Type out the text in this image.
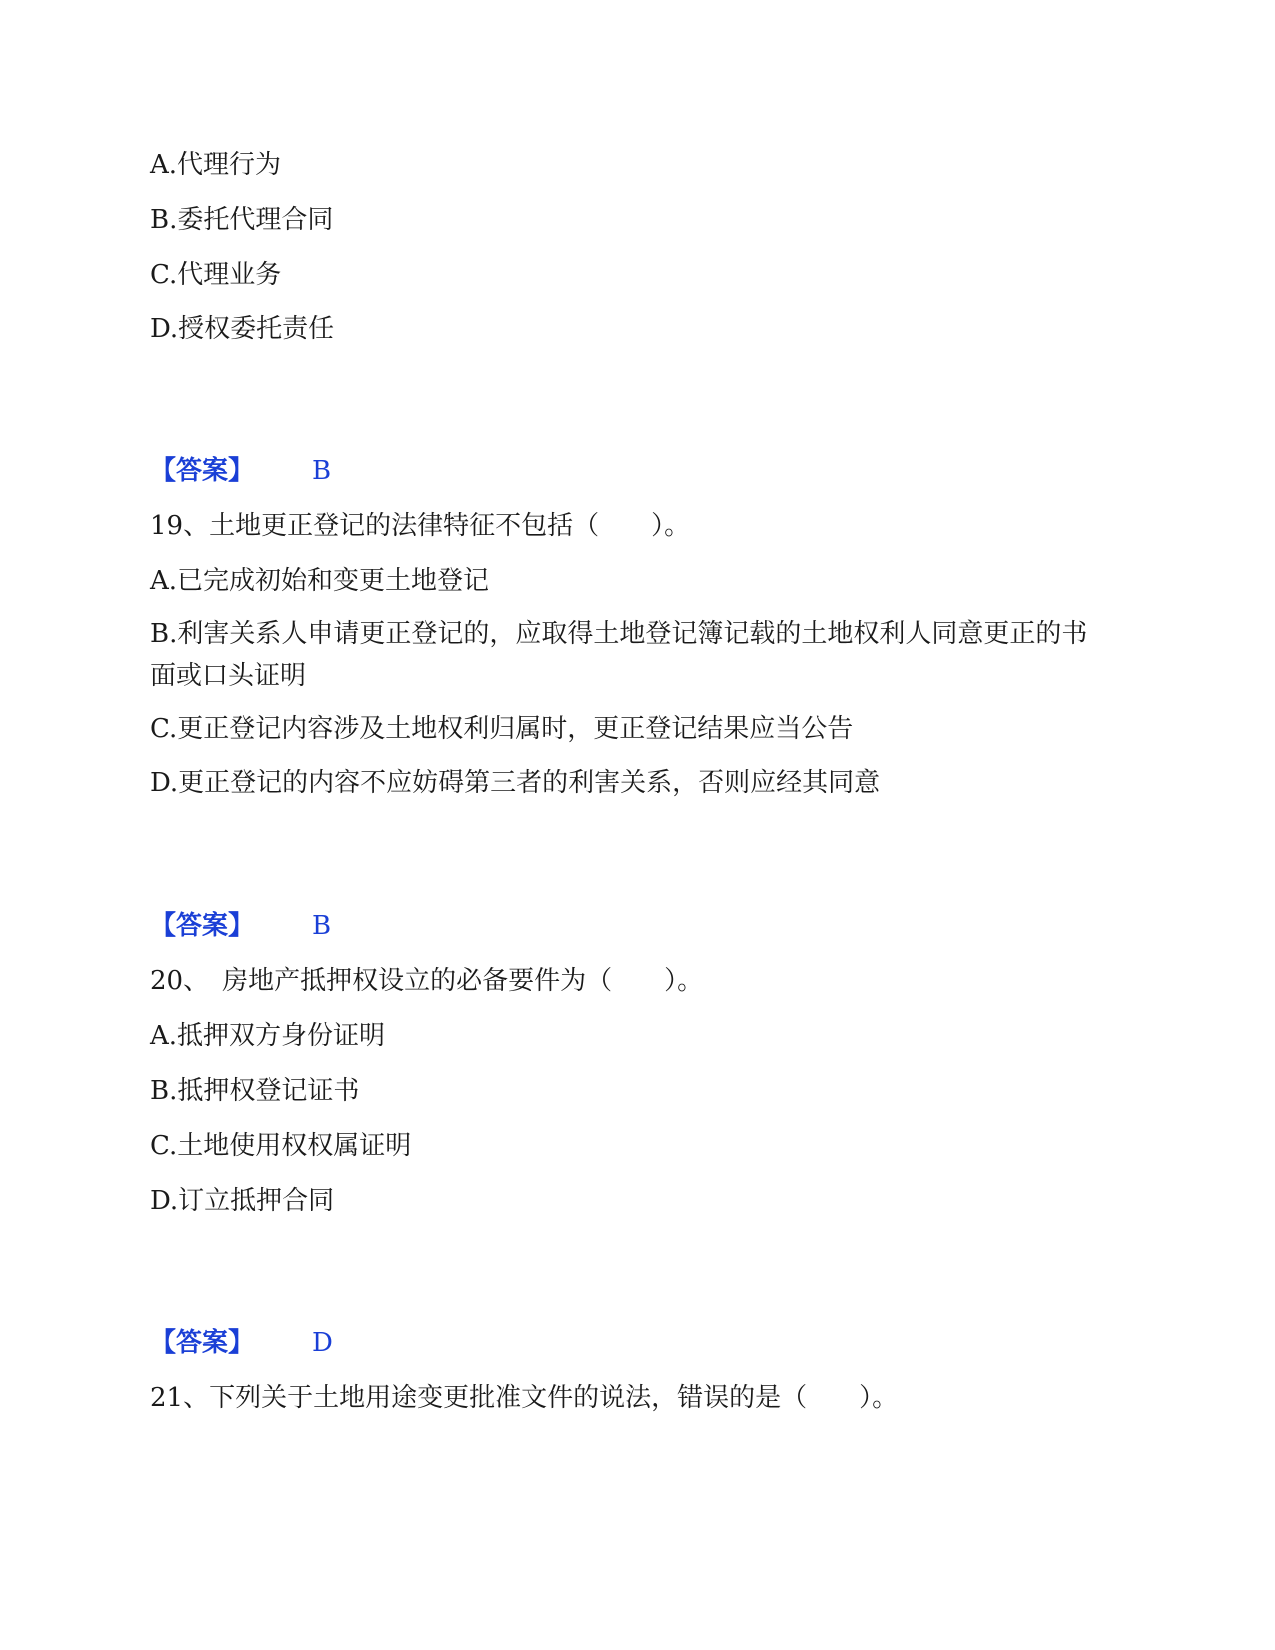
A.代理行为
B.委托代理合同
C.代理业务
D.授权委托责任
【答案】 B
19、土地更正登记的法律特征不包括（　　）。
A.已完成初始和变更土地登记
B.利害关系人申请更正登记的，应取得土地登记簿记载的土地权利人同意更正的书面或口头证明
C.更正登记内容涉及土地权利归属时，更正登记结果应当公告
D.更正登记的内容不应妨碍第三者的利害关系，否则应经其同意
【答案】 B
20、　房地产抵押权设立的必备要件为（　　）。
A.抵押双方身份证明
B.抵押权登记证书
C.土地使用权权属证明
D.订立抵押合同
【答案】 D
21、下列关于土地用途变更批准文件的说法，错误的是（　　）。
